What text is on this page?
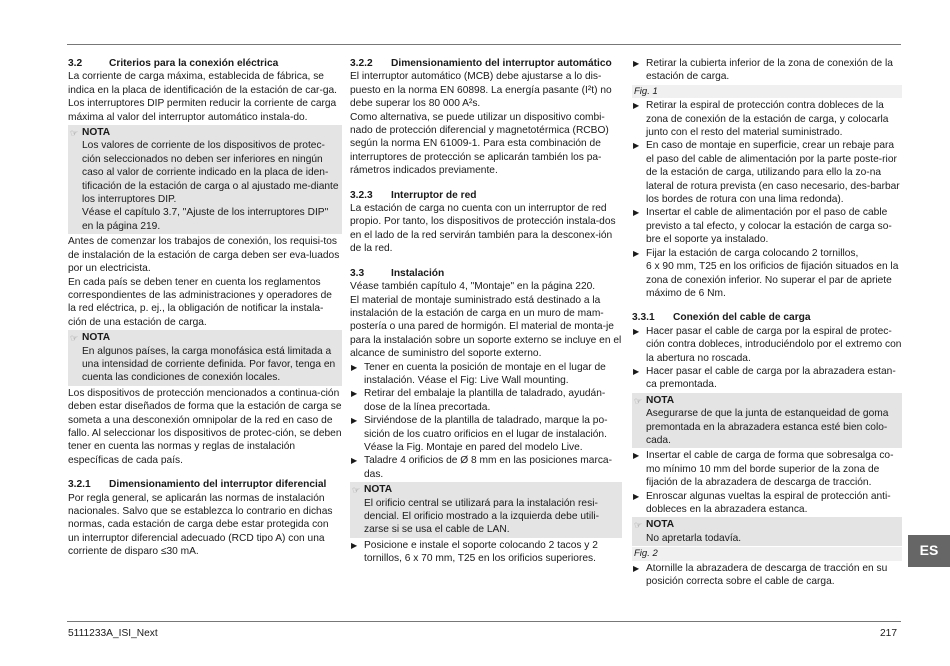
3.2	Criterios para la conexión eléctrica

La corriente de carga máxima, establecida de fábrica, se indica en la placa de identificación de la estación de car-ga. Los interruptores DIP permiten reducir la corriente de carga máxima al valor del interruptor automático instala-do.

☞ NOTA

Los valores de corriente de los dispositivos de protec-ción seleccionados no deben ser inferiores en ningún caso al valor de corriente indicado en la placa de iden-tificación de la estación de carga o al ajustado me-diante los interruptores DIP.

Véase el capítulo 3.7, "Ajuste de los interruptores DIP" en la página 219.

Antes de comenzar los trabajos de conexión, los requisi-tos de instalación de la estación de carga deben ser eva-luados por un electricista.

En cada país se deben tener en cuenta los reglamentos correspondientes de las administraciones y operadores de la red eléctrica, p. ej., la obligación de notificar la instala-ción de una estación de carga.

☞ NOTA

En algunos países, la carga monofásica está limitada a una intensidad de corriente definida. Por favor, tenga en cuenta las condiciones de conexión locales.

Los dispositivos de protección mencionados a continua-ción deben estar diseñados de forma que la estación de carga se someta a una desconexión omnipolar de la red en caso de fallo. Al seleccionar los dispositivos de protec-ción, se deben tener en cuenta las normas y reglas de instalación específicas de cada país.

3.2.1	Dimensionamiento del interruptor diferencial

Por regla general, se aplicarán las normas de instalación nacionales. Salvo que se establezca lo contrario en dichas normas, cada estación de carga debe estar protegida con un interruptor diferencial adecuado (RCD tipo A) con una corriente de disparo ≤30 mA.

3.2.2	Dimensionamiento del interruptor automático

El interruptor automático (MCB) debe ajustarse a lo dis-puesto en la norma EN 60898. La energía pasante (I²t) no debe superar los 80 000 A²s.

Como alternativa, se puede utilizar un dispositivo combi-nado de protección diferencial y magnetotérmica (RCBO) según la norma EN 61009-1. Para esta combinación de interruptores de protección se aplicarán también los pa-rámetros indicados previamente.

3.2.3	Interruptor de red

La estación de carga no cuenta con un interruptor de red propio. Por tanto, los dispositivos de protección instala-dos en el lado de la red servirán también para la desconex-ión de la red.

3.3	Instalación

Véase también capítulo 4, "Montaje" en la página 220.

El material de montaje suministrado está destinado a la instalación de la estación de carga en un muro de mam-postería o una pared de hormigón. El material de monta-je para la instalación sobre un soporte externo se incluye en el alcance de suministro del soporte externo.

▶ Tener en cuenta la posición de montaje en el lugar de instalación. Véase el Fig: Live Wall mounting.
▶ Retirar del embalaje la plantilla de taladrado, ayudán-dose de la línea precortada.
▶ Sirviéndose de la plantilla de taladrado, marque la po-sición de los cuatro orificios en el lugar de instalación. Véase la Fig. Montaje en pared del modelo Live.
▶ Taladre 4 orificios de Ø 8 mm en las posiciones marca-das.
☞ NOTA

El orificio central se utilizará para la instalación resi-dencial. El orificio mostrado a la izquierda debe utili-zarse si se usa el cable de LAN.

▶ Posicione e instale el soporte colocando 2 tacos y 2 tornillos, 6 x 70 mm, T25 en los orificios superiores.
▶ Retirar la cubierta inferior de la zona de conexión de la estación de carga.
Fig. 1
▶ Retirar la espiral de protección contra dobleces de la zona de conexión de la estación de carga, y colocarla junto con el resto del material suministrado.
▶ En caso de montaje en superficie, crear un rebaje para el paso del cable de alimentación por la parte poste-rior de la estación de carga, utilizando para ello la zo-na lateral de rotura prevista (en caso necesario, des-barbar los bordes de rotura con una lima redonda).
▶ Insertar el cable de alimentación por el paso de cable previsto a tal efecto, y colocar la estación de carga so-bre el soporte ya instalado.
▶ Fijar la estación de carga colocando 2 tornillos,
6 x 90 mm, T25 en los orificios de fijación situados en la zona de conexión inferior. No superar el par de apriete máximo de 6 Nm.
3.3.1	Conexión del cable de carga
▶ Hacer pasar el cable de carga por la espiral de protec-ción contra dobleces, introduciéndolo por el extremo con la abertura no roscada.
▶ Hacer pasar el cable de carga por la abrazadera estan-ca premontada.
☞ NOTA

Asegurarse de que la junta de estanqueidad de goma premontada en la abrazadera estanca esté bien colo-cada.

▶ Insertar el cable de carga de forma que sobresalga co-mo mínimo 10 mm del borde superior de la zona de fijación de la abrazadera de descarga de tracción.
▶ Enroscar algunas vueltas la espiral de protección anti-dobleces en la abrazadera estanca.
☞ NOTA

No apretarla todavía.

Fig. 2
▶ Atornille la abrazadera de descarga de tracción en su posición correcta sobre el cable de carga.
ES
5111233A_ISI_Next	217
